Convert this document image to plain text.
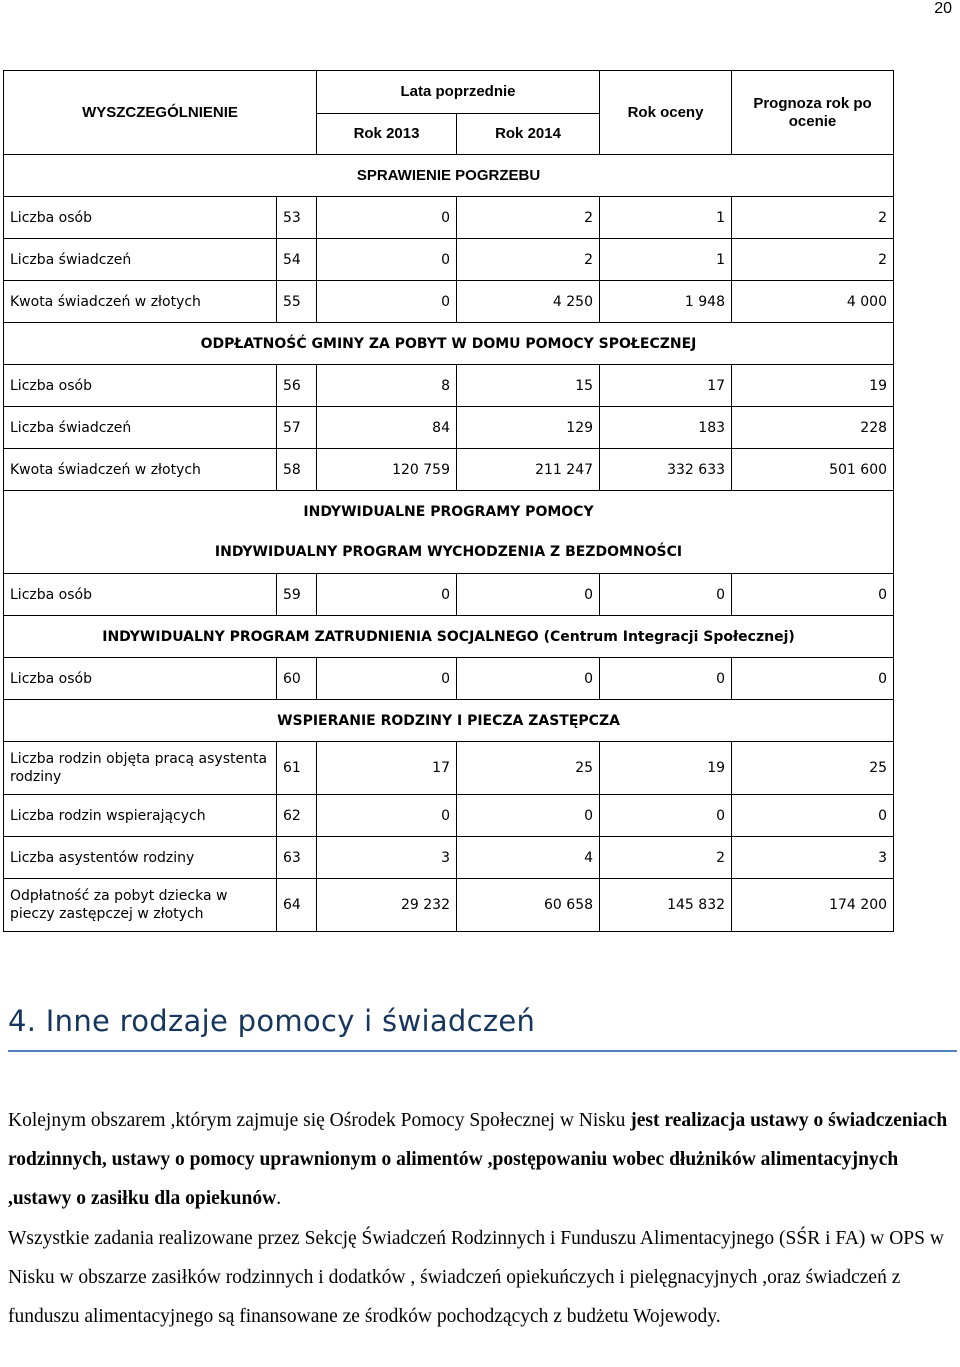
20
WYSZCZEGÓLNIENIE		Lata poprzednie		Rok oceny	Prognoza rok po ocenie
		Rok 2013	Rok 2014		
SPRAWIENIE POGRZEBU					
Liczba osób	53	0	2	1	2
Liczba świadczeń	54	0	2	1	2
Kwota świadczeń w złotych	55	0	4 250	1 948	4 000
ODPŁATNOŚĆ GMINY ZA POBYT W DOMU POMOCY SPOŁECZNEJ					
Liczba osób	56	8	15	17	19
Liczba świadczeń	57	84	129	183	228
Kwota świadczeń w złotych	58	120 759	211 247	332 633	501 600

INDYWIDUALNE PROGRAMY POMOCY
INDYWIDUALNY PROGRAM WYCHODZENIA Z BEZDOMNOŚCI					

Liczba osób	59	0	0	0	0
INDYWIDUALNY PROGRAM ZATRUDNIENIA SOCJALNEGO (Centrum Integracji Społecznej)					
Liczba osób	60	0	0	0	0
WSPIERANIE RODZINY I PIECZA ZASTĘPCZA					
Liczba rodzin objęta pracą asystenta rodziny	61	17	25	19	25
Liczba rodzin wspierających	62	0	0	0	0
Liczba asystentów rodziny	63	3	4	2	3
Odpłatność za pobyt dziecka w pieczy zastępczej w złotych	64	29 232	60 658	145 832	174 200
4. Inne rodzaje pomocy i świadczeń

Kolejnym obszarem ,którym zajmuje się Ośrodek Pomocy Społecznej w Nisku jest realizacja ustawy o świadczeniach rodzinnych, ustawy o pomocy uprawnionym o alimentów ,postępowaniu wobec dłużników alimentacyjnych ,ustawy o zasiłku dla opiekunów.

Wszystkie zadania realizowane przez Sekcję Świadczeń Rodzinnych i Funduszu Alimentacyjnego (SŚR i FA) w OPS w Nisku w obszarze zasiłków rodzinnych i dodatków , świadczeń opiekuńczych i pielęgnacyjnych ,oraz świadczeń z funduszu alimentacyjnego są finansowane ze środków pochodzących z budżetu Wojewody.
